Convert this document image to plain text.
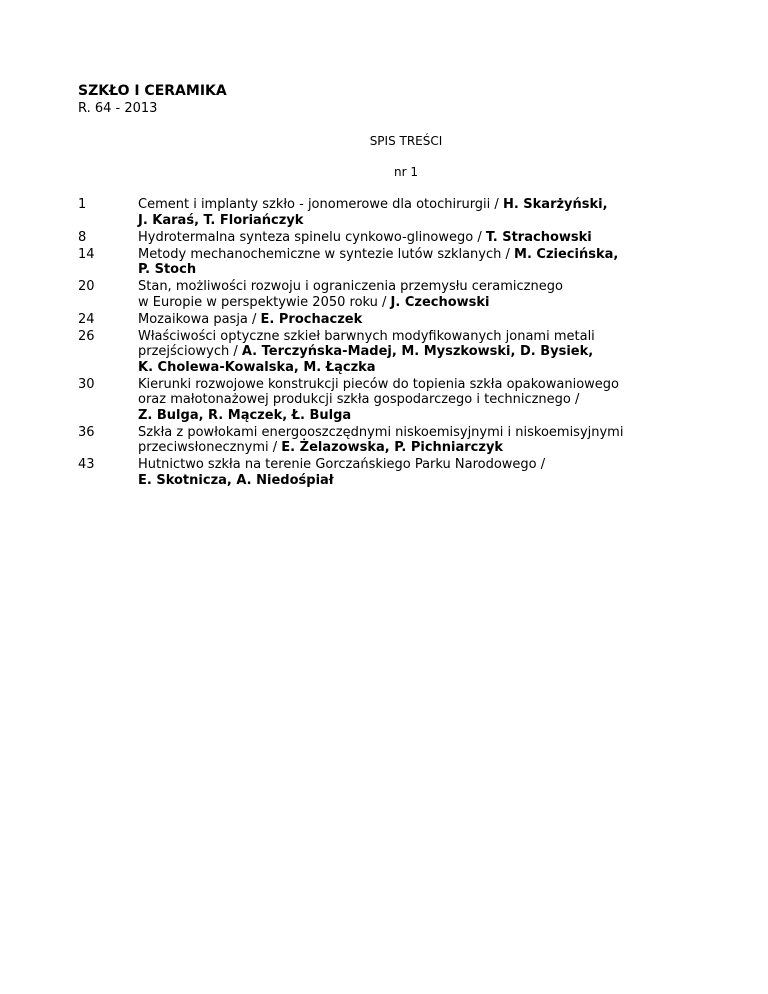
SZKŁO I CERAMIKA
R. 64 - 2013
SPIS TREŚCI
nr 1
1	Cement i implanty szkło - jonomerowe dla otochirurgii / H. Skarżyński,
J. Karaś, T. Floriańczyk
8	Hydrotermalna synteza spinelu cynkowo-glinowego / T. Strachowski
14	Metody mechanochemiczne w syntezie lutów szklanych / M. Cziecińska,
P. Stoch
20	Stan, możliwości rozwoju i ograniczenia przemysłu ceramicznego
w Europie w perspektywie 2050 roku / J. Czechowski
24	Mozaikowa pasja / E. Prochaczek
26	Właściwości optyczne szkieł barwnych modyfikowanych jonami metali
przejściowych / A. Terczyńska-Madej, M. Myszkowski, D. Bysiek,
K. Cholewa-Kowalska, M. Łączka
30	Kierunki rozwojowe konstrukcji pieców do topienia szkła opakowaniowego
oraz małotonażowej produkcji szkła gospodarczego i technicznego /
Z. Bulga, R. Mączek, Ł. Bulga
36	Szkła z powłokami energooszczędnymi niskoemisyjnymi i niskoemisyjnymi
przeciwsłonecznymi / E. Żelazowska, P. Pichniarczyk
43	Hutnictwo szkła na terenie Gorczańskiego Parku Narodowego /
E. Skotnicza, A. Niedośpiał
